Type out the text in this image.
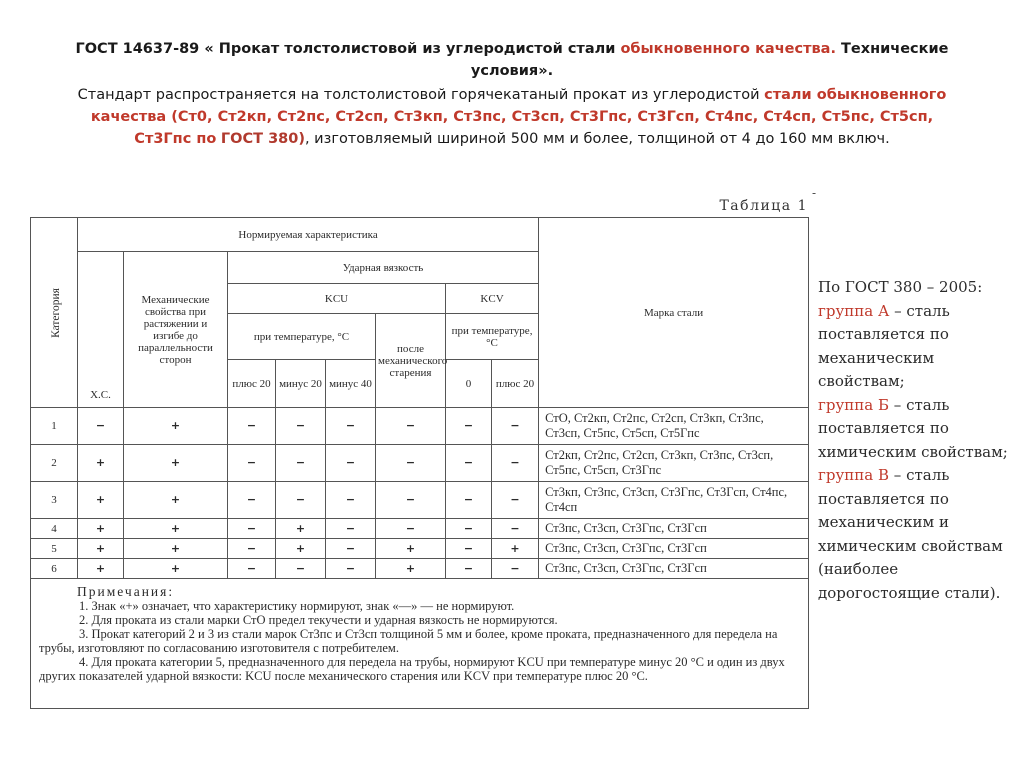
ГОСТ 14637-89 « Прокат толстолистовой из углеродистой стали обыкновенного качества. Технические условия».

Стандарт распространяется на толстолистовой горячекатаный прокат из углеродистой стали обыкновенного качества (Ст0, Ст2кп, Ст2пс, Ст2сп, Ст3кп, Ст3пс, Ст3сп, Ст3Гпс, Ст3Гсп, Ст4пс, Ст4сп, Ст5пс, Ст5сп, Ст3Гпс по ГОСТ 380), изготовляемый шириной 500 мм и более, толщиной от 4 до 160 мм включ.

-
Таблица 1
Категория	Нормируемая характеристика								Марка стали
	Х.С.	Механические свойства при растяжении и изгибе до параллельности сторон	Ударная вязкость						
			KCU				KCV		
			при температуре, °С			после механического старения	при температуре, °С		
			плюс 20	минус 20	минус 40		0	плюс 20	
1	−	+	−	−	−	−	−	−	СтО, Ст2кп, Ст2пс, Ст2сп, Ст3кп, Ст3пс, Ст3сп, Ст5пс, Ст5сп, Ст5Гпс
2	+	+	−	−	−	−	−	−	Ст2кп, Ст2пс, Ст2сп, Ст3кп, Ст3пс, Ст3сп, Ст5пс, Ст5сп, Ст3Гпс
3	+	+	−	−	−	−	−	−	Ст3кп, Ст3пс, Ст3сп, Ст3Гпс, Ст3Гсп, Ст4пс, Ст4сп
4	+	+	−	+	−	−	−	−	Ст3пс, Ст3сп, Ст3Гпс, Ст3Гсп
5	+	+	−	+	−	+	−	+	Ст3пс, Ст3сп, Ст3Гпс, Ст3Гсп
6	+	+	−	−	−	+	−	−	Ст3пс, Ст3сп, Ст3Гпс, Ст3Гсп

Примечания:
1. Знак «+» означает, что характеристику нормируют, знак «—» — не нормируют.
2. Для проката из стали марки СтО предел текучести и ударная вязкость не нормируются.
3. Прокат категорий 2 и 3 из стали марок Ст3пс и Ст3сп толщиной 5 мм и более, кроме проката, предназначенного для передела на трубы, изготовляют по согласованию изготовителя с потребителем.
4. Для проката категории 5, предназначенного для передела на трубы, нормируют KCU при температуре минус 20 °С и один из двух других показателей ударной вязкости: KCU после механического старения или KCV при температуре плюс 20 °С.									

По ГОСТ 380 – 2005:

группа А – сталь поставляется по механическим свойствам;

группа Б – сталь поставляется по химическим свойствам;

группа В – сталь поставляется по механическим и химическим свойствам (наиболее дорогостоящие стали).
